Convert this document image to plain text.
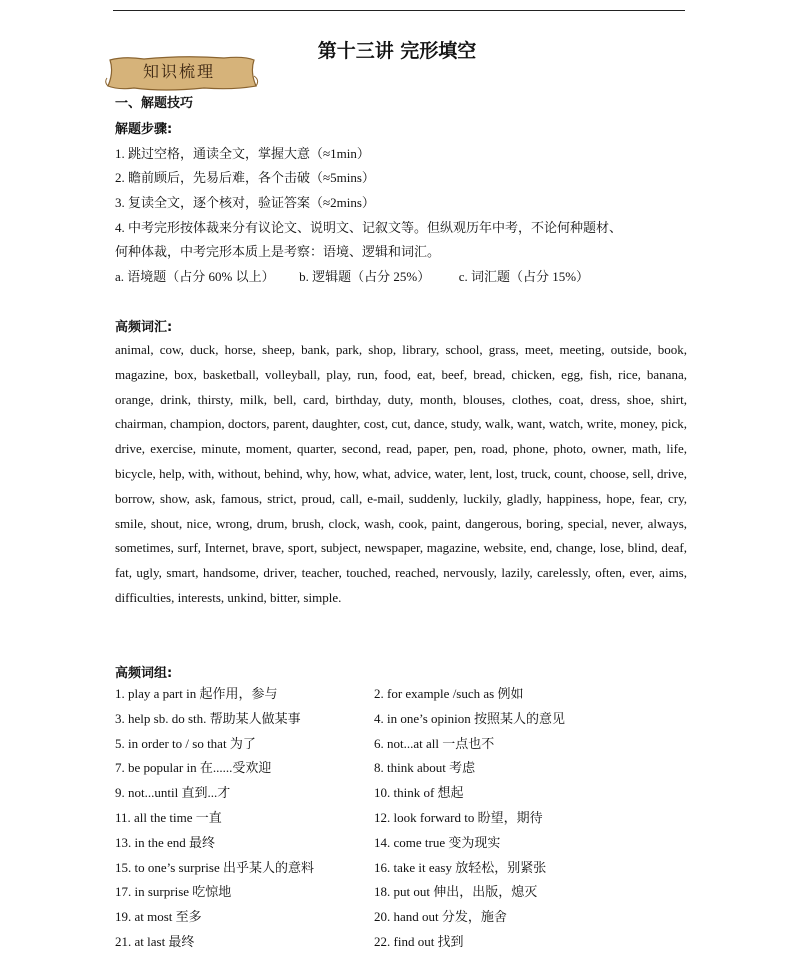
第十三讲 完形填空
知识梳理
一、解题技巧
解题步骤:
1. 跳过空格，通读全文，掌握大意（≈1min）
2. 瞻前顾后，先易后难，各个击破（≈5mins）
3. 复读全文，逐个核对，验证答案（≈2mins）
4. 中考完形按体裁来分有议论文、说明文、记叙文等。但纵观历年中考，不论何种题材、
何种体裁，中考完形本质上是考察：语境、逻辑和词汇。
a. 语境题（占分 60% 以上） b. 逻辑题（占分 25%） c. 词汇题（占分 15%）
高频词汇:
animal, cow, duck, horse, sheep, bank, park, shop, library, school, grass, meet, meeting, outside, book, magazine, box, basketball, volleyball, play, run, food, eat, beef, bread, chicken, egg, fish, rice, banana, orange, drink, thirsty, milk, bell, card, birthday, duty, month, blouses, clothes, coat, dress, shoe, shirt, chairman, champion, doctors, parent, daughter, cost, cut, dance, study, walk, want, watch, write, money, pick, drive, exercise, minute, moment, quarter, second, read, paper, pen, road, phone, photo, owner, math, life, bicycle, help, with, without, behind, why, how, what, advice, water, lent, lost, truck, count, choose, sell, drive, borrow, show, ask, famous, strict, proud, call, e-mail, suddenly, luckily, gladly, happiness, hope, fear, cry, smile, shout, nice, wrong, drum, brush, clock, wash, cook, paint, dangerous, boring, special, never, always, sometimes, surf, Internet, brave, sport, subject, newspaper, magazine, website, end, change, lose, blind, deaf, fat, ugly, smart, handsome, driver, teacher, touched, reached, nervously, lazily, carelessly, often, ever, aims, difficulties, interests, unkind, bitter, simple.
高频词组:
1. play a part in 起作用，参与	2. for example /such as 例如
3. help sb. do sth. 帮助某人做某事	4. in one’s opinion 按照某人的意见
5. in order to / so that 为了	6. not...at all 一点也不
7. be popular in 在......受欢迎	8. think about 考虑
9. not...until 直到...才	10. think of 想起
11. all the time 一直	12. look forward to 盼望，期待
13. in the end 最终	14. come true 变为现实
15. to one’s surprise 出乎某人的意料	16. take it easy 放轻松，别紧张
17. in surprise 吃惊地	18. put out 伸出，出版，熄灭
19. at most 至多	20. hand out 分发，施舍
21. at last 最终	22. find out 找到
